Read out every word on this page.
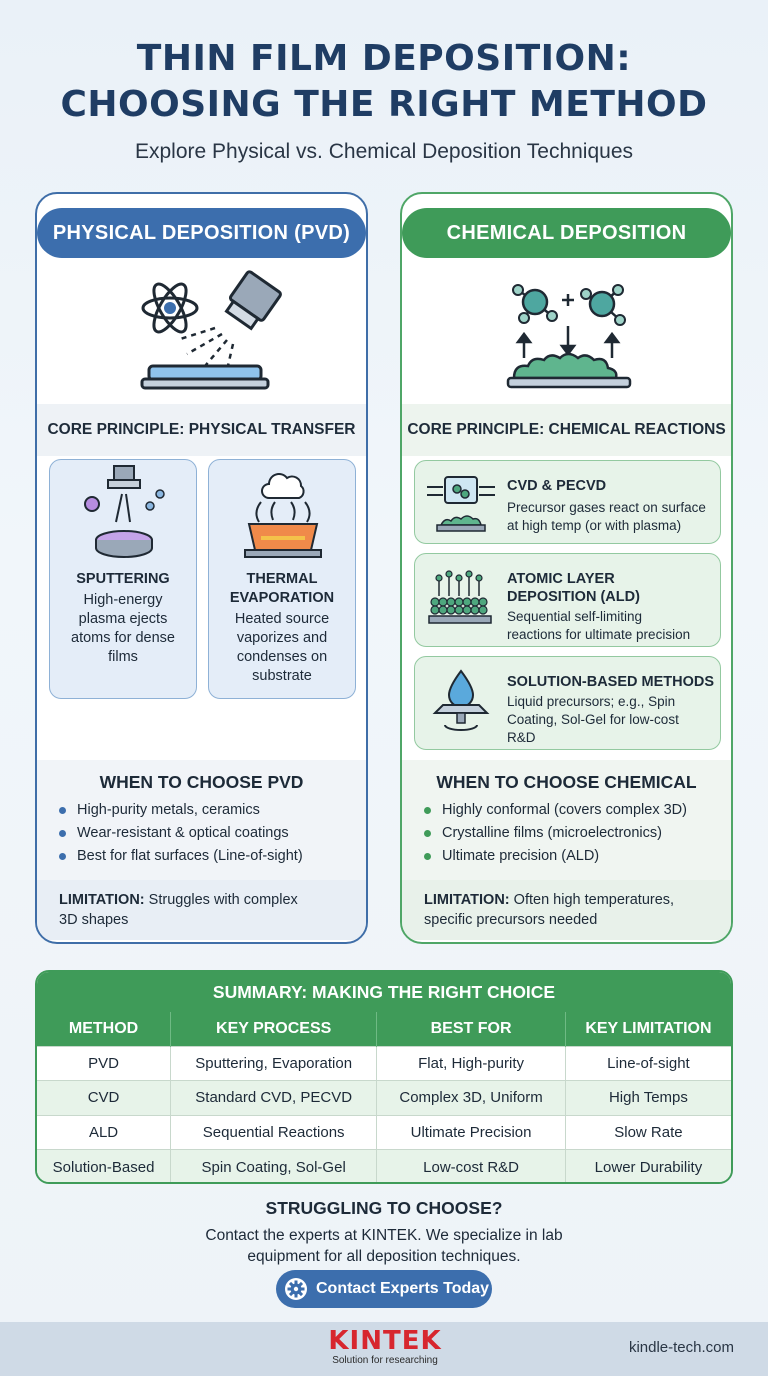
THIN FILM DEPOSITION:
CHOOSING THE RIGHT METHOD

Explore Physical vs. Chemical Deposition Techniques

PHYSICAL DEPOSITION (PVD)
CORE PRINCIPLE: PHYSICAL TRANSFER
SPUTTERING
High-energy
plasma ejects
atoms for dense
films
THERMAL
EVAPORATION
Heated source
vaporizes and
condenses on
substrate
WHEN TO CHOOSE PVD
High-purity metals, ceramics
Wear-resistant & optical coatings
Best for flat surfaces (Line-of-sight)
LIMITATION: Struggles with complex
3D shapes
CHEMICAL DEPOSITION
CORE PRINCIPLE: CHEMICAL REACTIONS
CVD & PECVD
Precursor gases react on surface
at high temp (or with plasma)
ATOMIC LAYER
DEPOSITION (ALD)
Sequential self-limiting
reactions for ultimate precision
SOLUTION-BASED METHODS
Liquid precursors; e.g., Spin
Coating, Sol-Gel for low-cost
R&D
WHEN TO CHOOSE CHEMICAL
Highly conformal (covers complex 3D)
Crystalline films (microelectronics)
Ultimate precision (ALD)
LIMITATION: Often high temperatures,
specific precursors needed
SUMMARY: MAKING THE RIGHT CHOICE
METHOD	KEY PROCESS	BEST FOR	KEY LIMITATION
PVD	Sputtering, Evaporation	Flat, High-purity	Line-of-sight
CVD	Standard CVD, PECVD	Complex 3D, Uniform	High Temps
ALD	Sequential Reactions	Ultimate Precision	Slow Rate
Solution-Based	Spin Coating, Sol-Gel	Low-cost R&D	Lower Durability
STRUGGLING TO CHOOSE?

Contact the experts at KINTEK. We specialize in lab
equipment for all deposition techniques.

Contact Experts Today
KINTEK
Solution for researching
kindle-tech.com
